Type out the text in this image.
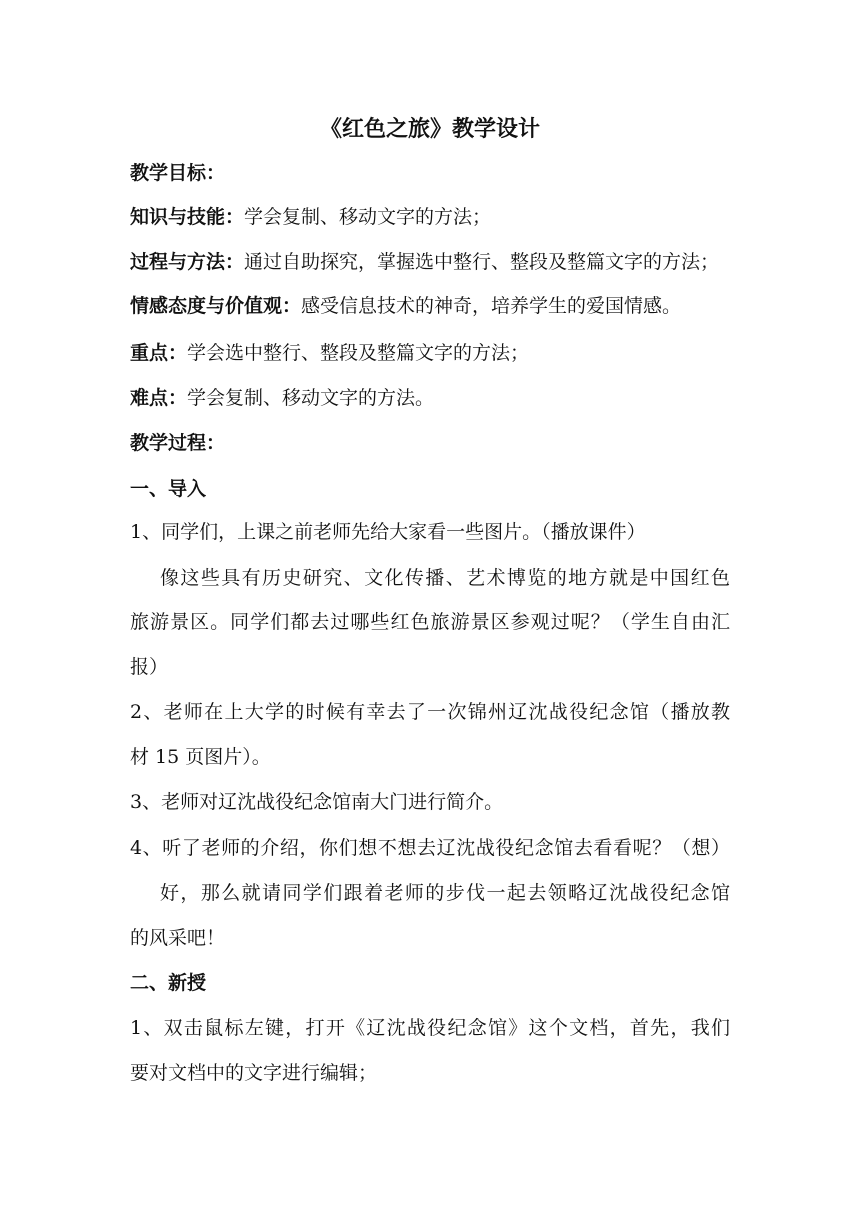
《红色之旅》教学设计
教学目标：
知识与技能：学会复制、移动文字的方法；
过程与方法：通过自助探究，掌握选中整行、整段及整篇文字的方法；
情感态度与价值观：感受信息技术的神奇，培养学生的爱国情感。
重点：学会选中整行、整段及整篇文字的方法；
难点：学会复制、移动文字的方法。
教学过程：
一、导入
1、同学们，上课之前老师先给大家看一些图片。（播放课件）
像这些具有历史研究、文化传播、艺术博览的地方就是中国红色
旅游景区。同学们都去过哪些红色旅游景区参观过呢？（学生自由汇
报）
2、老师在上大学的时候有幸去了一次锦州辽沈战役纪念馆（播放教
材 15 页图片）。
3、老师对辽沈战役纪念馆南大门进行简介。
4、听了老师的介绍，你们想不想去辽沈战役纪念馆去看看呢？（想）
好，那么就请同学们跟着老师的步伐一起去领略辽沈战役纪念馆
的风采吧！
二、新授
1、双击鼠标左键，打开《辽沈战役纪念馆》这个文档，首先，我们
要对文档中的文字进行编辑；
